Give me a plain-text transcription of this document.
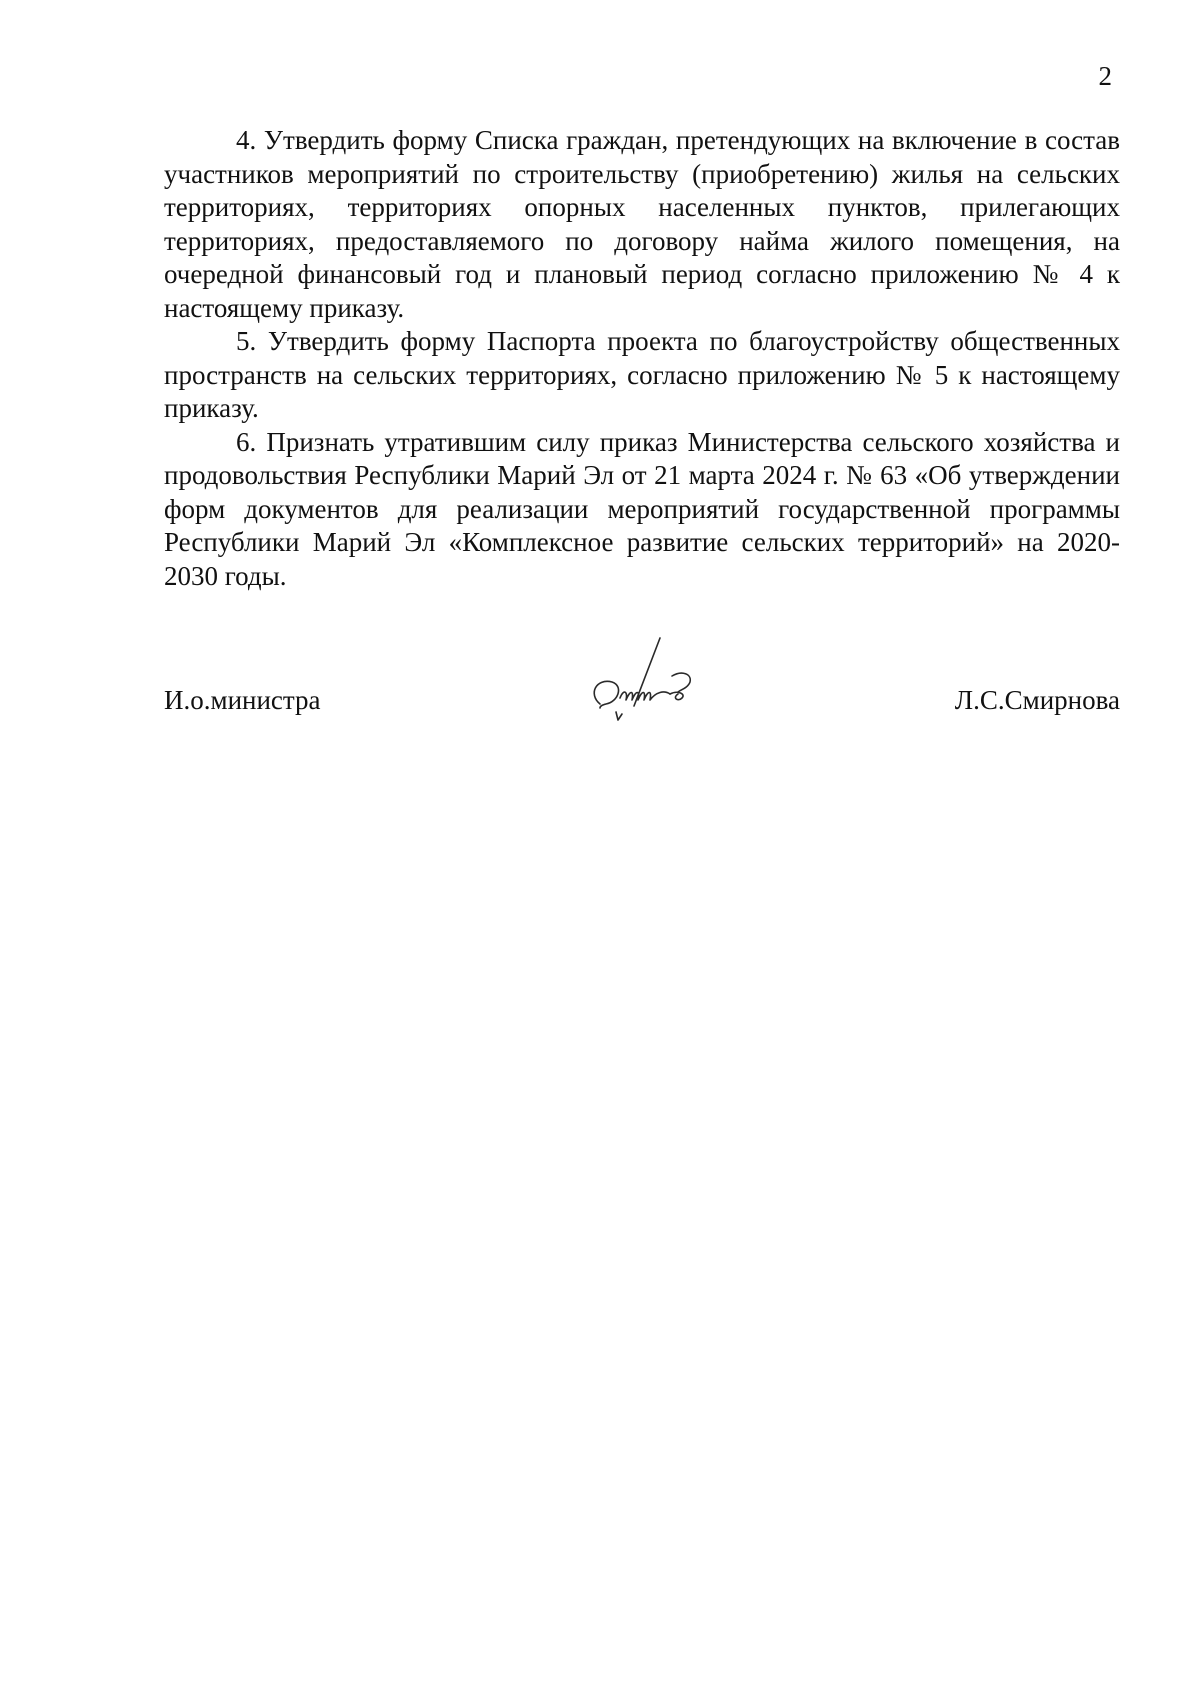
2

4. Утвердить форму Списка граждан, претендующих на включение в состав участников мероприятий по строительству (приобретению) жилья на сельских территориях, территориях опорных населенных пунктов, прилегающих территориях, предоставляемого по договору найма жилого помещения, на очередной финансовый год и плановый период согласно приложению № 4 к настоящему приказу.

5. Утвердить форму Паспорта проекта по благоустройству общественных пространств на сельских территориях, согласно приложению № 5 к настоящему приказу.

6. Признать утратившим силу приказ Министерства сельского хозяйства и продовольствия Республики Марий Эл от 21 марта 2024 г. № 63 «Об утверждении форм документов для реализации мероприятий государственной программы Республики Марий Эл «Комплексное развитие сельских территорий» на 2020-2030 годы.

И.о.министра	Л.С.Смирнова
